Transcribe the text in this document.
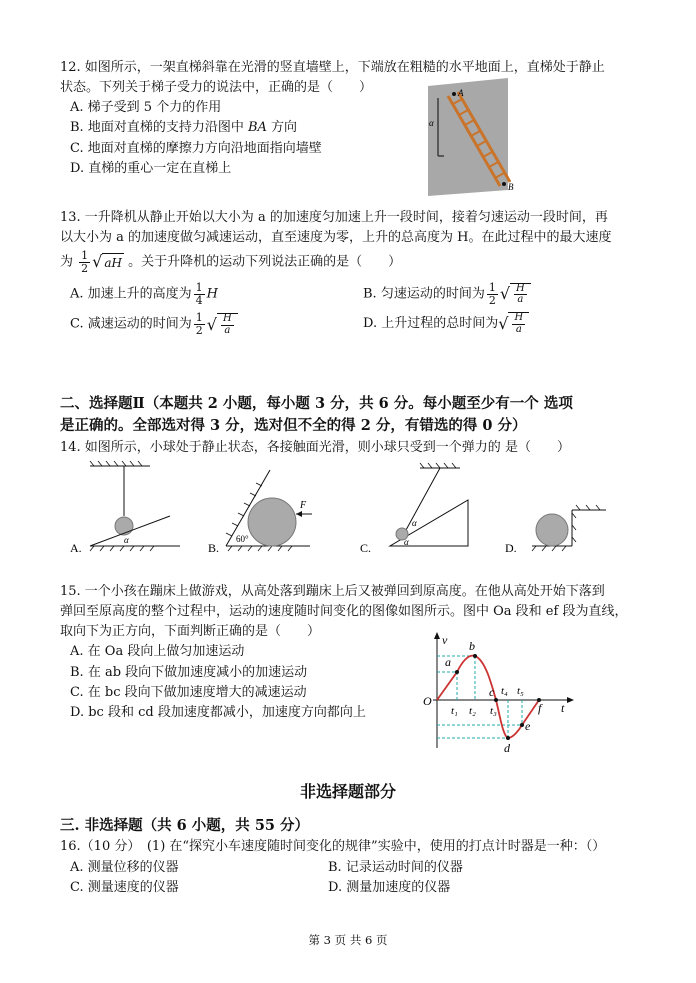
12. 如图所示，一架直梯斜靠在光滑的竖直墙壁上，下端放在粗糙的水平地面上，直梯处于静止
状态。下列关于梯子受力的说法中，正确的是（　　）
A. 梯子受到 5 个力的作用
B. 地面对直梯的支持力沿图中 BA 方向
C. 地面对直梯的摩擦力方向沿地面指向墙壁
D. 直梯的重心一定在直梯上
A
B
α
13. 一升降机从静止开始以大小为 a 的加速度匀加速上升一段时间，接着匀速运动一段时间，再
以大小为 a 的加速度做匀减速运动，直至速度为零，上升的总高度为 H。在此过程中的最大速度
为 $\frac{1}{2}$ √ aH 。关于升降机的运动下列说法正确的是（　　）
A. 加速上升的高度为 $\frac{1}{4}$ H	B. 匀速运动的时间为 $\frac{1}{2}$ √ $\frac{H}{a}$
C. 减速运动的时间为 $\frac{1}{2}$ √ $\frac{H}{a}$	D. 上升过程的总时间为√ $\frac{H}{a}$
二、选择题Ⅱ（本题共 2 小题，每小题 3 分，共 6 分。每小题至少有一个 选项
是正确的。全部选对得 3 分，选对但不全的得 2 分，有错选的得 0 分）
14. 如图所示，小球处于静止状态，各接触面光滑，则小球只受到一个弹力的 是（　　）
α
A.
F
60°
B.
α
α
C.	D.
15. 一个小孩在蹦床上做游戏，从高处落到蹦床上后又被弹回到原高度。在他从高处开始下落到
弹回至原高度的整个过程中，运动的速度随时间变化的图像如图所示。图中 Oa 段和 ef 段为直线，
取向下为正方向，下面判断正确的是（　　）
A. 在 Oa 段向上做匀加速运动
B. 在 ab 段向下做加速度减小的加速运动
C. 在 bc 段向下做加速度增大的减速运动
D. bc 段和 cd 段加速度都减小，加速度方向都向上
v
t
O
a
b
c
d
e
f
t₁ t₂ t₃
t₄ t₅
非选择题部分
三. 非选择题（共 6 小题，共 55 分）
16.（10 分）　(1) 在“探究小车速度随时间变化的规律”实验中，使用的打点计时器是一种：（）
A. 测量位移的仪器	B. 记录运动时间的仪器
C. 测量速度的仪器	D. 测量加速度的仪器
第 3 页 共 6 页
